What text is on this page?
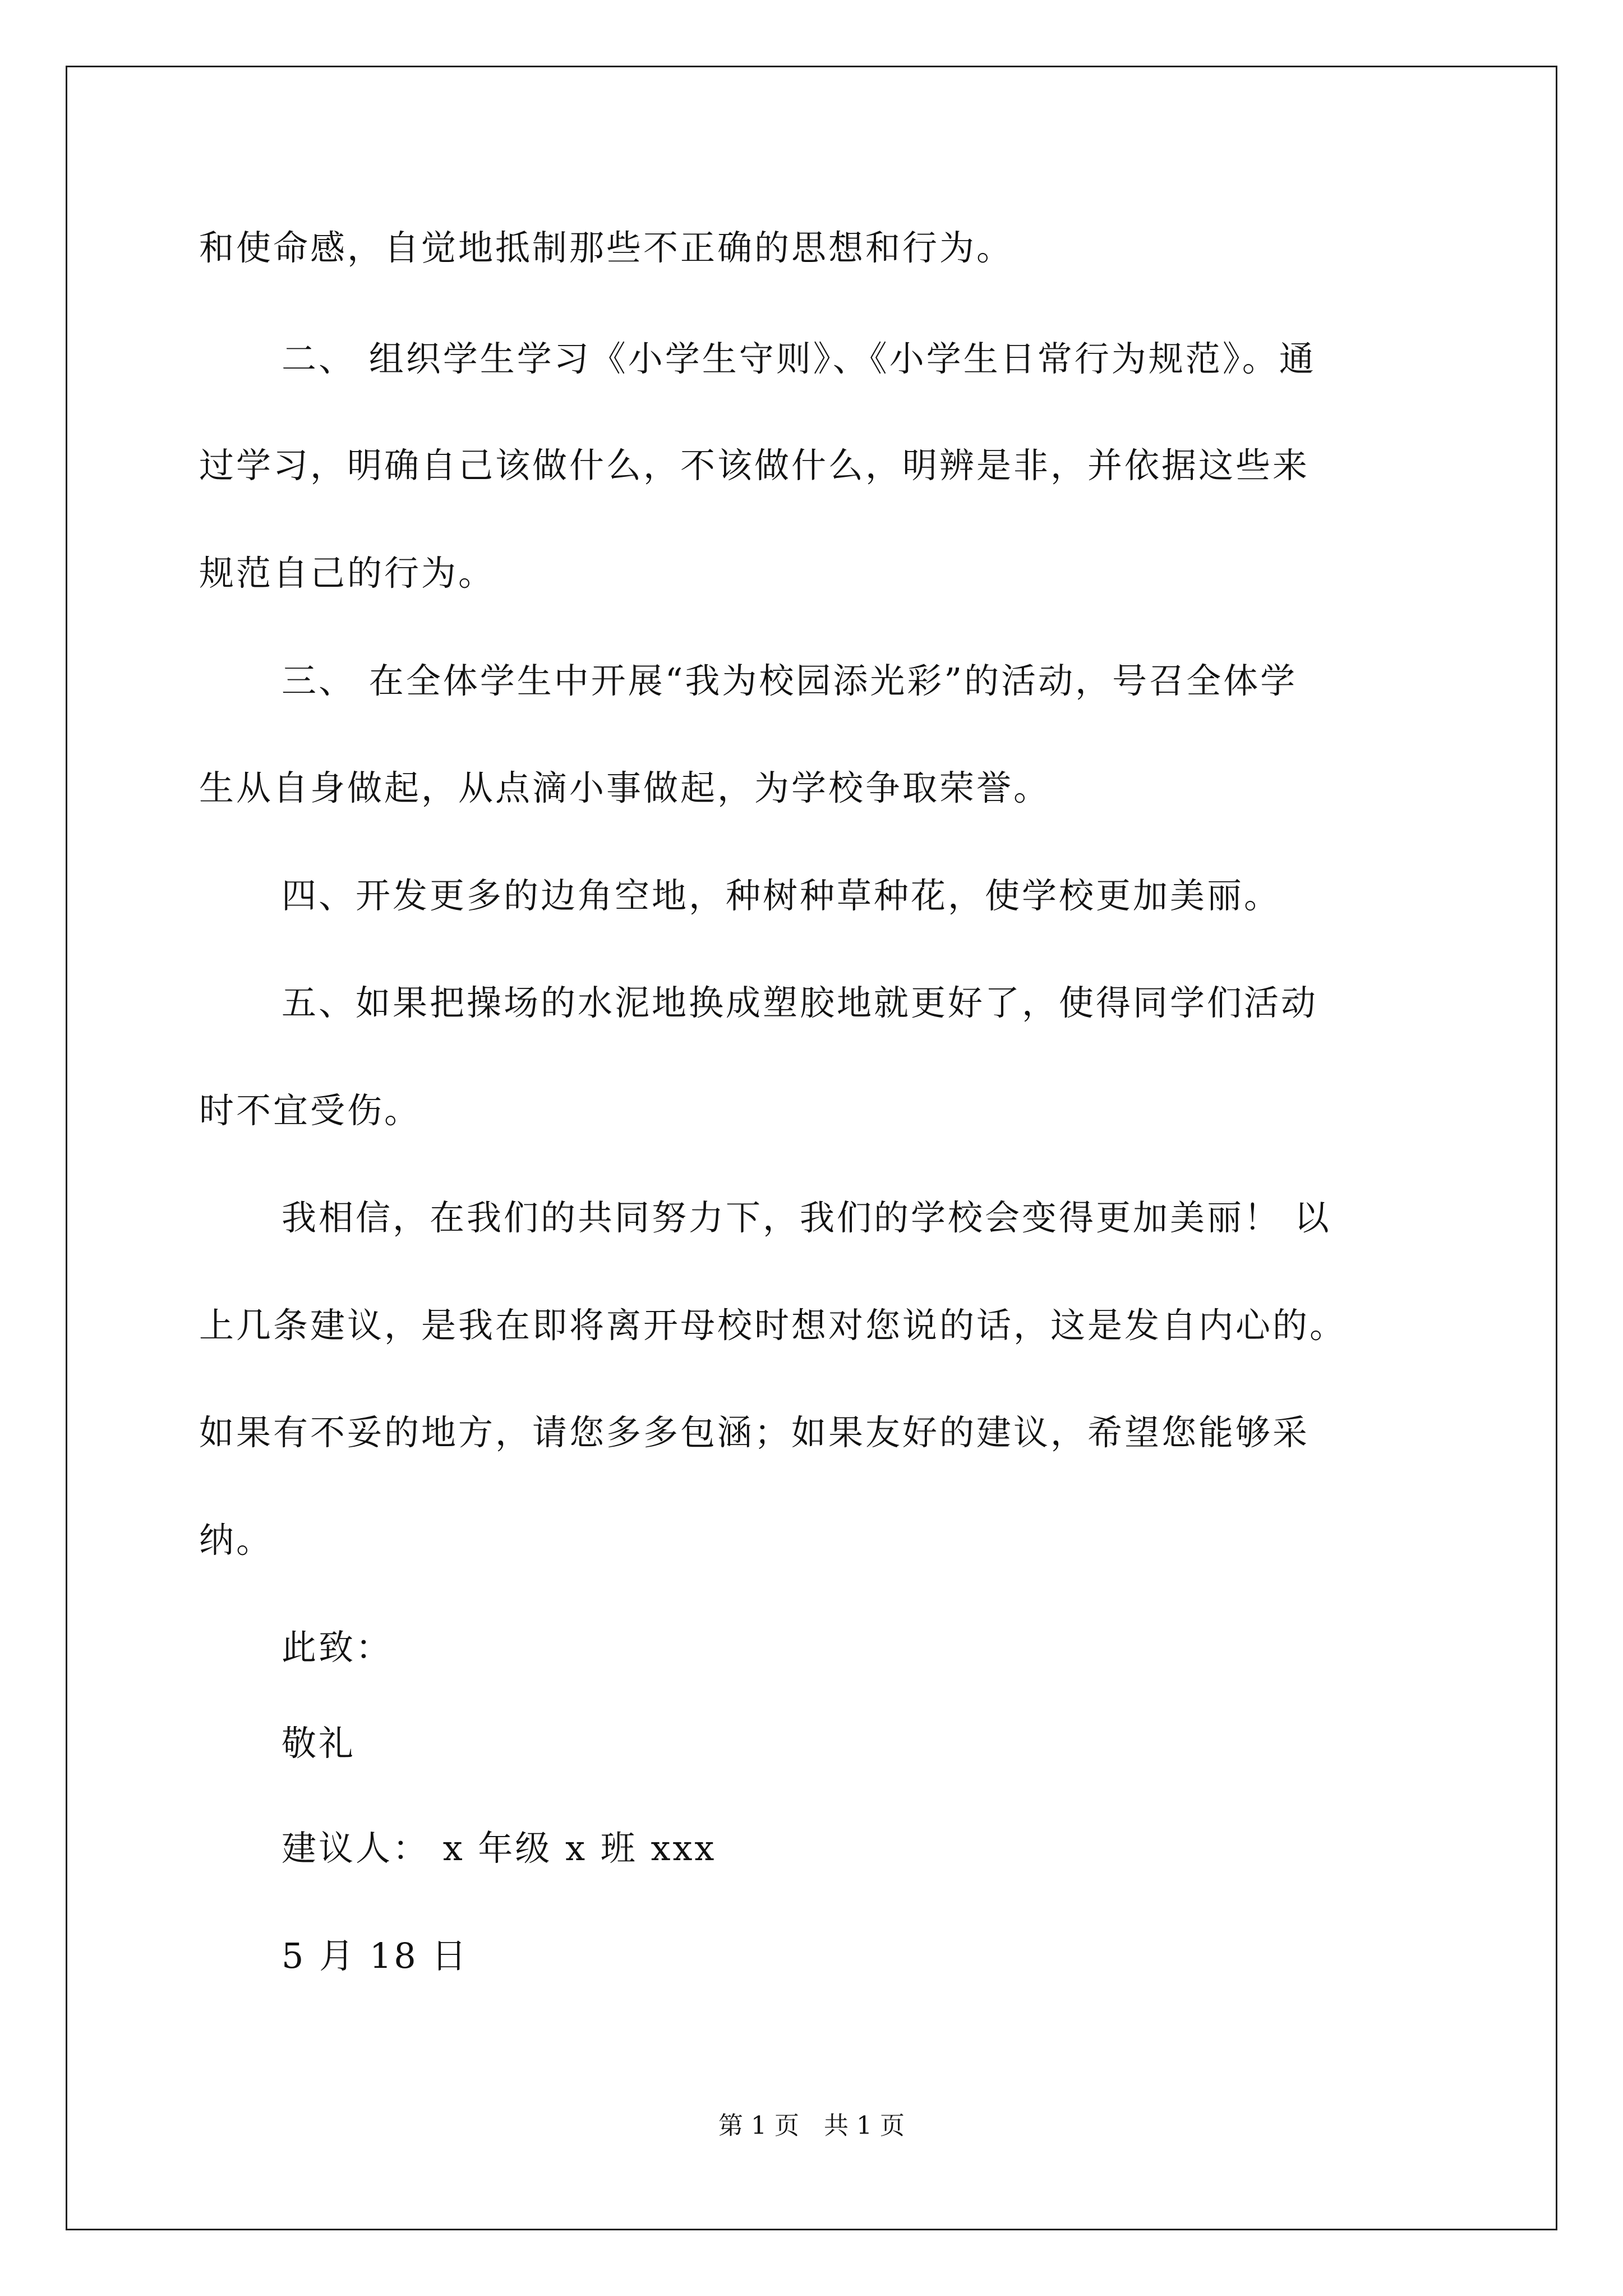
和使命感，自觉地抵制那些不正确的思想和行为。
二、 组织学生学习《小学生守则》、《小学生日常行为规范》。通
过学习，明确自己该做什么，不该做什么，明辨是非，并依据这些来
规范自己的行为。
三、 在全体学生中开展“我为校园添光彩”的活动，号召全体学
生从自身做起，从点滴小事做起，为学校争取荣誉。
四、开发更多的边角空地，种树种草种花，使学校更加美丽。
五、如果把操场的水泥地换成塑胶地就更好了，使得同学们活动
时不宜受伤。
我相信，在我们的共同努力下，我们的学校会变得更加美丽！ 以
上几条建议，是我在即将离开母校时想对您说的话，这是发自内心的。
如果有不妥的地方，请您多多包涵；如果友好的建议，希望您能够采
纳。
此致：
敬礼
建议人： x 年级 x 班 xxx
5 月 18 日
第 1 页　共 1 页
